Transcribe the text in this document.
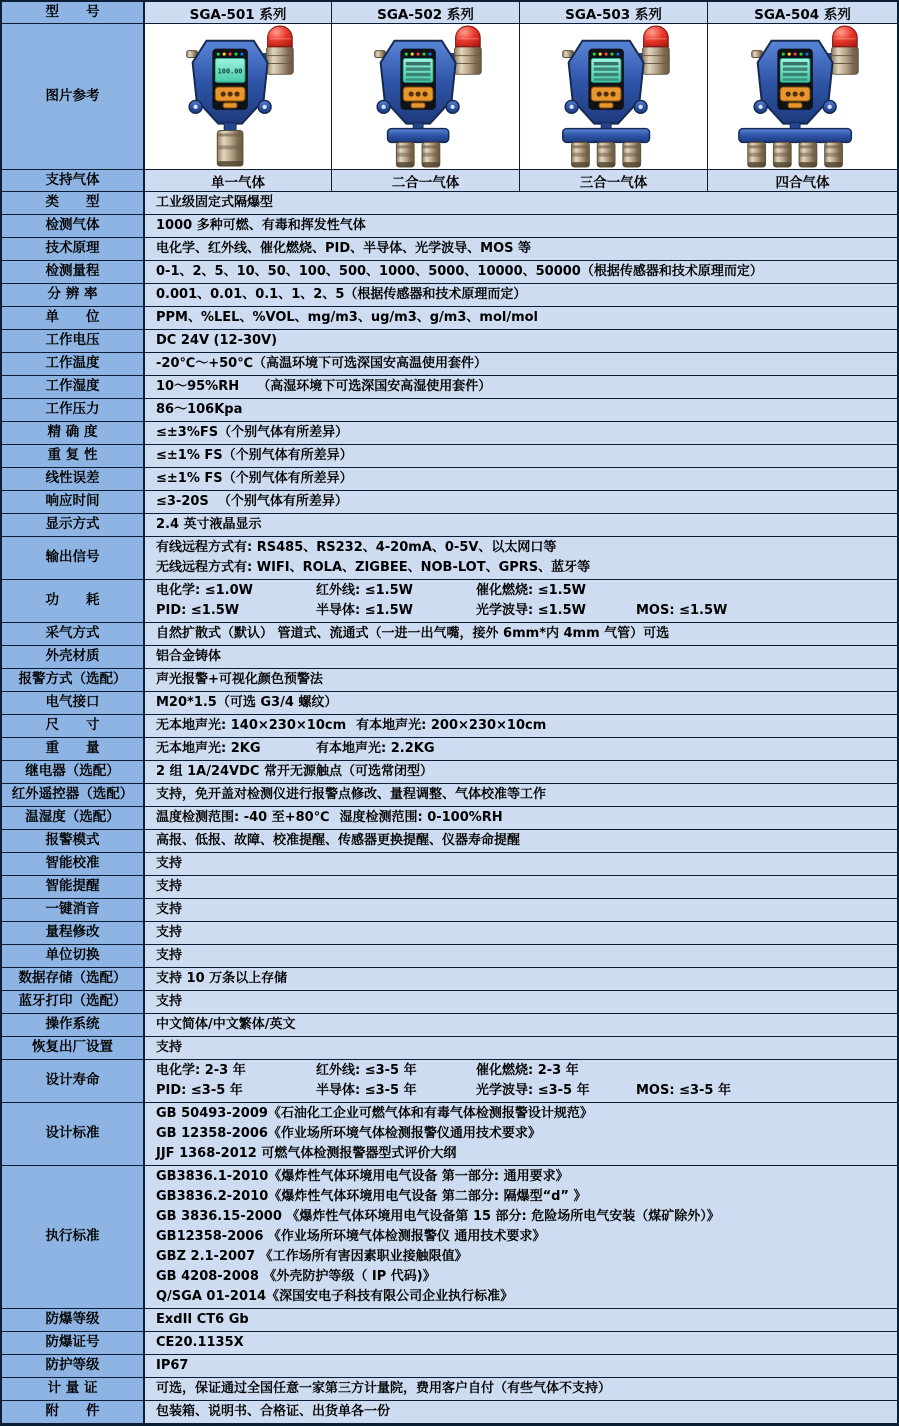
型　　号	SGA-501 系列	SGA-502 系列	SGA-503 系列	SGA-504 系列
图片参考
100.00
支持气体	单一气体	二合一气体	三合一气体	四合气体
类　　型	工业级固定式隔爆型
检测气体	1000 多种可燃、有毒和挥发性气体
技术原理	电化学、红外线、催化燃烧、PID、半导体、光学波导、MOS 等
检测量程	0-1、2、5、10、50、100、500、1000、5000、10000、50000（根据传感器和技术原理而定）
分 辨 率	0.001、0.01、0.1、1、2、5（根据传感器和技术原理而定）
单　　位	PPM、%LEL、%VOL、mg/m3、ug/m3、g/m3、mol/mol
工作电压	DC 24V (12-30V)
工作温度	-20℃～+50℃（高温环境下可选深国安高温使用套件）
工作湿度	10～95%RH    （高湿环境下可选深国安高湿使用套件）
工作压力	86～106Kpa
精 确 度	≤±3%FS（个别气体有所差异）
重 复 性	≤±1% FS（个别气体有所差异）
线性误差	≤±1% FS（个别气体有所差异）
响应时间	≤3-20S  （个别气体有所差异）
显示方式	2.4 英寸液晶显示
输出信号
有线远程方式有: RS485、RS232、4-20mA、0-5V、以太网口等
无线远程方式有: WIFI、ROLA、ZIGBEE、NOB-LOT、GPRS、蓝牙等
功　　耗
电化学: ≤1.0W	红外线: ≤1.5W	催化燃烧: ≤1.5W
PID: ≤1.5W	半导体: ≤1.5W	光学波导: ≤1.5W	MOS: ≤1.5W
采气方式	自然扩散式（默认） 管道式、流通式（一进一出气嘴，接外 6mm*内 4mm 气管）可选
外壳材质	铝合金铸体
报警方式（选配）	声光报警+可视化颜色预警法
电气接口	M20*1.5（可选 G3/4 螺纹）
尺　　寸	无本地声光: 140×230×10cm 有本地声光: 200×230×10cm
重　　量	无本地声光: 2KG	有本地声光: 2.2KG
继电器（选配）	2 组 1A/24VDC 常开无源触点（可选常闭型）
红外遥控器（选配）	支持，免开盖对检测仪进行报警点修改、量程调整、气体校准等工作
温湿度（选配）	温度检测范围: -40 至+80℃ 湿度检测范围: 0-100%RH
报警模式	高报、低报、故障、校准提醒、传感器更换提醒、仪器寿命提醒
智能校准	支持
智能提醒	支持
一键消音	支持
量程修改	支持
单位切换	支持
数据存储（选配）	支持 10 万条以上存储
蓝牙打印（选配）	支持
操作系统	中文简体/中文繁体/英文
恢复出厂设置	支持
设计寿命
电化学: 2-3 年	红外线: ≤3-5 年	催化燃烧: 2-3 年
PID: ≤3-5 年	半导体: ≤3-5 年	光学波导: ≤3-5 年	MOS: ≤3-5 年
设计标准
GB 50493-2009《石油化工企业可燃气体和有毒气体检测报警设计规范》
GB 12358-2006《作业场所环境气体检测报警仪通用技术要求》
JJF 1368-2012 可燃气体检测报警器型式评价大纲
执行标准
GB3836.1-2010《爆炸性气体环境用电气设备 第一部分: 通用要求》
GB3836.2-2010《爆炸性气体环境用电气设备 第二部分: 隔爆型“d” 》
GB 3836.15-2000 《爆炸性气体环境用电气设备第 15 部分: 危险场所电气安装（煤矿除外）》
GB12358-2006 《作业场所环境气体检测报警仪 通用技术要求》
GBZ 2.1-2007 《工作场所有害因素职业接触限值》
GB 4208-2008 《外壳防护等级（ IP 代码)》
Q/SGA 01-2014《深国安电子科技有限公司企业执行标准》
防爆等级	ExdII CT6 Gb
防爆证号	CE20.1135X
防护等级	IP67
计 量 证	可选，保证通过全国任意一家第三方计量院，费用客户自付（有些气体不支持）
附　　件	包装箱、说明书、合格证、出货单各一份
